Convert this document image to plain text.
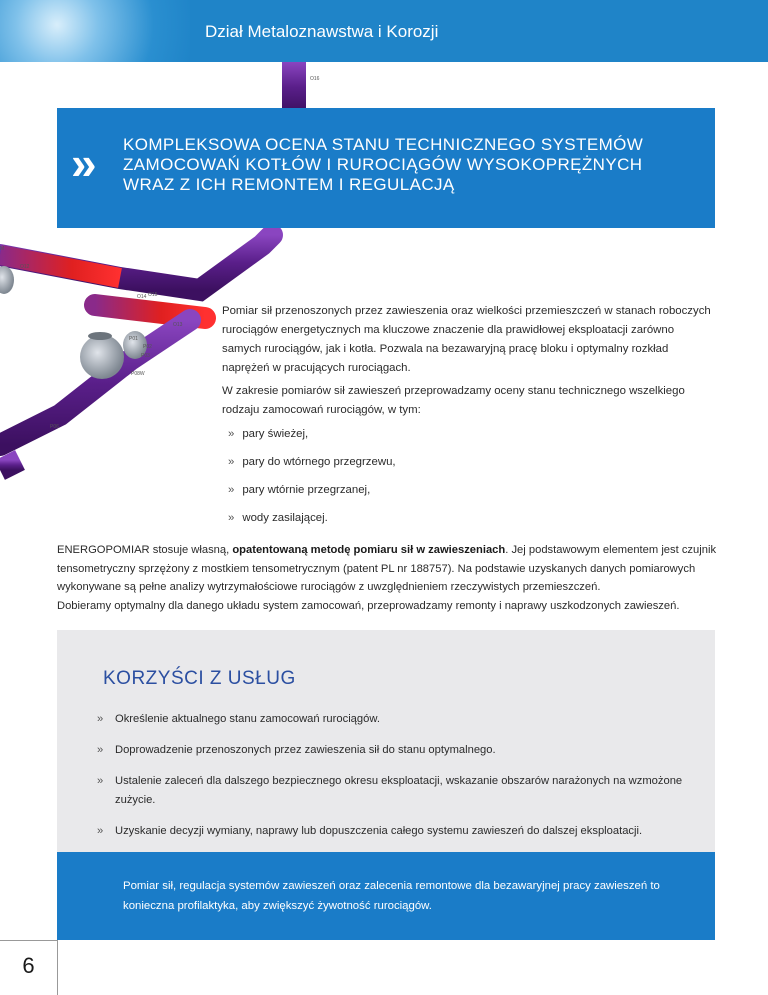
Dział Metaloznawstwa i Korozji
O16
M
O12
O14 O15
O13
P01
P02
P03
P08W
P06
» KOMPLEKSOWA OCENA STANU TECHNICZNEGO SYSTEMÓW
ZAMOCOWAŃ KOTŁÓW I RUROCIĄGÓW WYSOKOPRĘŻNYCH
WRAZ Z ICH REMONTEM I REGULACJĄ
Pomiar sił przenoszonych przez zawieszenia oraz wielkości przemieszczeń w stanach roboczych rurociągów energetycznych ma kluczowe znaczenie dla prawidłowej eksploatacji zarówno samych rurociągów, jak i kotła. Pozwala na bezawaryjną pracę bloku i optymalny rozkład naprężeń w pracujących rurociągach.
W zakresie pomiarów sił zawieszeń przeprowadzamy oceny stanu technicznego wszelkiego rodzaju zamocowań rurociągów, w tym:
» pary świeżej,
» pary do wtórnego przegrzewu,
» pary wtórnie przegrzanej,
» wody zasilającej.
ENERGOPOMIAR stosuje własną, opatentowaną metodę pomiaru sił w zawieszeniach. Jej podstawowym elementem jest czujnik tensometryczny sprzężony z mostkiem tensometrycznym (patent PL nr 188757). Na podstawie uzyskanych danych pomiarowych wykonywane są pełne analizy wytrzymałościowe rurociągów z uwzględnieniem rzeczywistych przemieszczeń.
Dobieramy optymalny dla danego układu system zamocowań, przeprowadzamy remonty i naprawy uszkodzonych zawieszeń.
KORZYŚCI Z USŁUG
» Określenie aktualnego stanu zamocowań rurociągów.
» Doprowadzenie przenoszonych przez zawieszenia sił do stanu optymalnego.
» Ustalenie zaleceń dla dalszego bezpiecznego okresu eksploatacji, wskazanie obszarów narażonych na wzmożone zużycie.
» Uzyskanie decyzji wymiany, naprawy lub dopuszczenia całego systemu zawieszeń do dalszej eksploatacji.
Pomiar sił, regulacja systemów zawieszeń oraz zalecenia remontowe dla bezawaryjnej pracy zawieszeń to konieczna profilaktyka, aby zwiększyć żywotność rurociągów.
6
